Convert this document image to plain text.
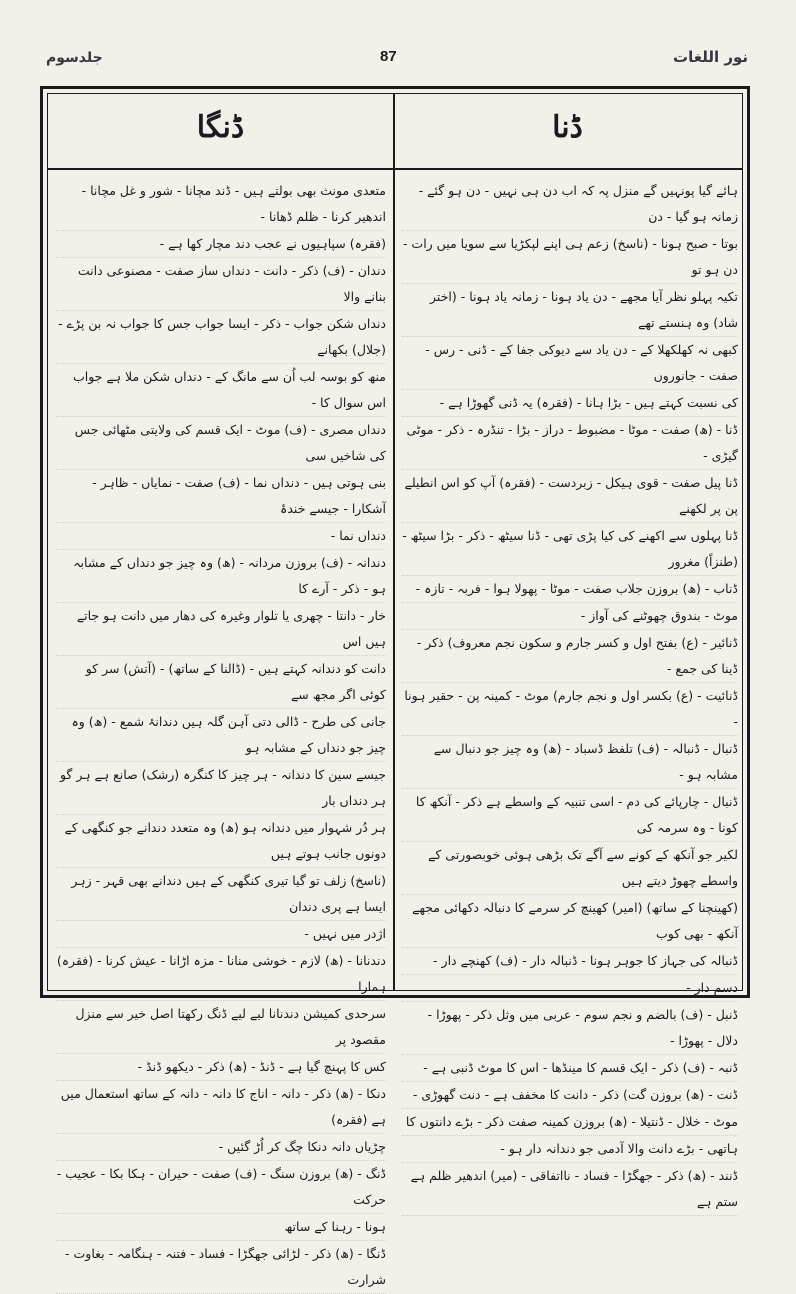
جلدسوم	87	نور اللغات
ڈنگا	ڈنا

متعدی مونث بھی بولتے ہیں - ڈند مچانا - شور و غل مچانا - اندھیر کرنا - ظلم ڈھانا -

(فقرہ) سپاہیوں نے عجب دند مچار کھا ہے -

دندان - (ف) ذکر - دانت - دنداں ساز صفت - مصنوعی دانت بنانے والا

دنداں شکن جواب - ذکر - ایسا جواب جس کا جواب نہ بن پڑے - (جلال) بکھانے

منھ کو بوسہ لب اُن سے مانگ کے - دنداں شکن ملا ہے جواب اس سوال کا -

دنداں مصری - (ف) موٹ - ایک قسم کی ولایتی مٹھائی جس کی شاخیں سی

بنی ہوتی ہیں - دنداں نما - (ف) صفت - نمایاں - ظاہر - آشکارا - جیسے خندۂ

دنداں نما -

دندانہ - (ف) بروزن مردانہ - (ھ) وہ چیز جو دنداں کے مشابہ ہو - ذکر - آرے کا

خار - دانتا - چھری یا تلوار وغیرہ کی دھار میں دانت ہو جاتے ہیں اس

دانت کو دندانہ کہتے ہیں - (ڈالنا کے ساتھ) - (آتش) سر کو کوئی اگر مجھ سے

جانی کی طرح - ڈالی دتی آہن گلہ ہیں دندانۂ شمع - (ھ) وہ چیز جو دنداں کے مشابہ ہو

جیسے سین کا دندانہ - ہر چیز کا کنگرہ (رشک) صانع ہے ہر گو ہر دنداں بار

ہر دُر شہوار میں دندانہ ہو (ھ) وہ متعدد دندانے جو کنگھی کے دونوں جانب ہوتے ہیں

(ناسخ) زلف تو گیا تیری کنگھی کے ہیں دندانے بھی قہر - زہر ایسا ہے پری دندان

اژدر میں نہیں -

دندنانا - (ھ) لازم - خوشی منانا - مزہ اڑانا - عیش کرنا - (فقرہ) ہمارا

سرحدی کمیشن دندنانا لیے لیے ڈنگ رکھتا اصل خیر سے منزل مقصود پر

کس کا پہنچ گیا ہے - ڈنڈ - (ھ) ذکر - دیکھو ڈنڈ -

دنکا - (ھ) ذکر - دانہ - اناج کا دانہ - دانہ کے ساتھ استعمال میں ہے (فقرہ)

چڑیاں دانہ دنکا چگ کر اُڑ گئیں -

ڈنگ - (ھ) بروزن سنگ - (ف) صفت - حیران - ہکا بکا - عجیب - حرکت

ہونا - رہنا کے ساتھ

ڈنگا - (ھ) ذکر - لڑائی جھگڑا - فساد - فتنہ - ہنگامہ - بغاوت - شرارت

ہائے گیا پونہیں گے منزل پہ کہ اب دن ہی نہیں - دن ہو گئے - زمانہ ہو گیا - دن

بوتا - صبح ہونا - (ناسخ) زعم ہی اپنے لپکڑیا سے سویا میں رات - دن ہو تو

تکیہ پہلو نظر آیا مجھے - دن یاد ہونا - زمانہ یاد ہونا - (اختر شاد) وہ ہنستے تھے

کبھی نہ کھلکھلا کے - دن یاد سے دیوکی جفا کے - ڈنی - رس - صفت - جانوروں

کی نسبت کہتے ہیں - بڑا ہانا - (فقرہ) یہ ڈنی گھوڑا ہے -

ڈنا - (ھ) صفت - موٹا - مضبوط - دراز - بڑا - تنڈرہ - ذکر - موٹی گیڑی -

ڈنا پیل صفت - قوی ہیکل - زبردست - (فقرہ) آپ کو اس انطیلے پن پر لکھنے

ڈنا پہلوں سے اکھنے کی کیا پڑی تھی - ڈنا سیٹھ - ذکر - بڑا سیٹھ - (طنزاً) مغرور

ڈناب - (ھ) بروزن جلاب صفت - موٹا - پھولا ہوا - فربہ - تازہ -

موٹ - بندوق چھوٹنے کی آواز -

ڈنائیر - (ع) بفتح اول و کسر جارم و سکون نجم معروف) ذکر - ڈینا کی جمع -

ڈنائیت - (ع) بکسر اول و نجم جارم) موٹ - کمینہ پن - حقیر ہونا -

ڈنبال - ڈنبالہ - (ف) تلفظ ڈسباد - (ھ) وہ چیز جو دنبال سے مشابہ ہو -

ڈنبال - چارپائے کی دم - اسی تنبیہ کے واسطے ہے ذکر - آنکھ کا کونا - وہ سرمہ کی

لکیر جو آنکھ کے کونے سے آگے تک بڑھی ہوئی خوبصورتی کے واسطے چھوڑ دیتے ہیں

(کھینچنا کے ساتھ) (امیر) کھینچ کر سرمے کا دنبالہ دکھائی مجھے آنکھ - بھی کوب

ڈنبالہ کی جہاز کا جوہر ہونا - ڈنبالہ دار - (ف) کھنچے دار -

دسم دار -

ڈنبل - (ف) بالضم و نجم سوم - عربی میں وثل ذکر - پھوڑا - دلال - پھوڑا -

ڈنبہ - (ف) ذکر - ایک قسم کا مینڈھا - اس کا موٹ ڈنبی ہے -

ڈنت - (ھ) بروزن گت) ذکر - دانت کا مخفف ہے - دنت گھوڑی -

موٹ - خلال - ڈنتیلا - (ھ) بروزن کمینہ صفت ذکر - بڑے دانتوں کا

ہاتھی - بڑے دانت والا آدمی جو دندانہ دار ہو -

ڈنند - (ھ) ذکر - جھگڑا - فساد - نااتفاقی - (میر) اندھیر ظلم ہے ستم ہے
